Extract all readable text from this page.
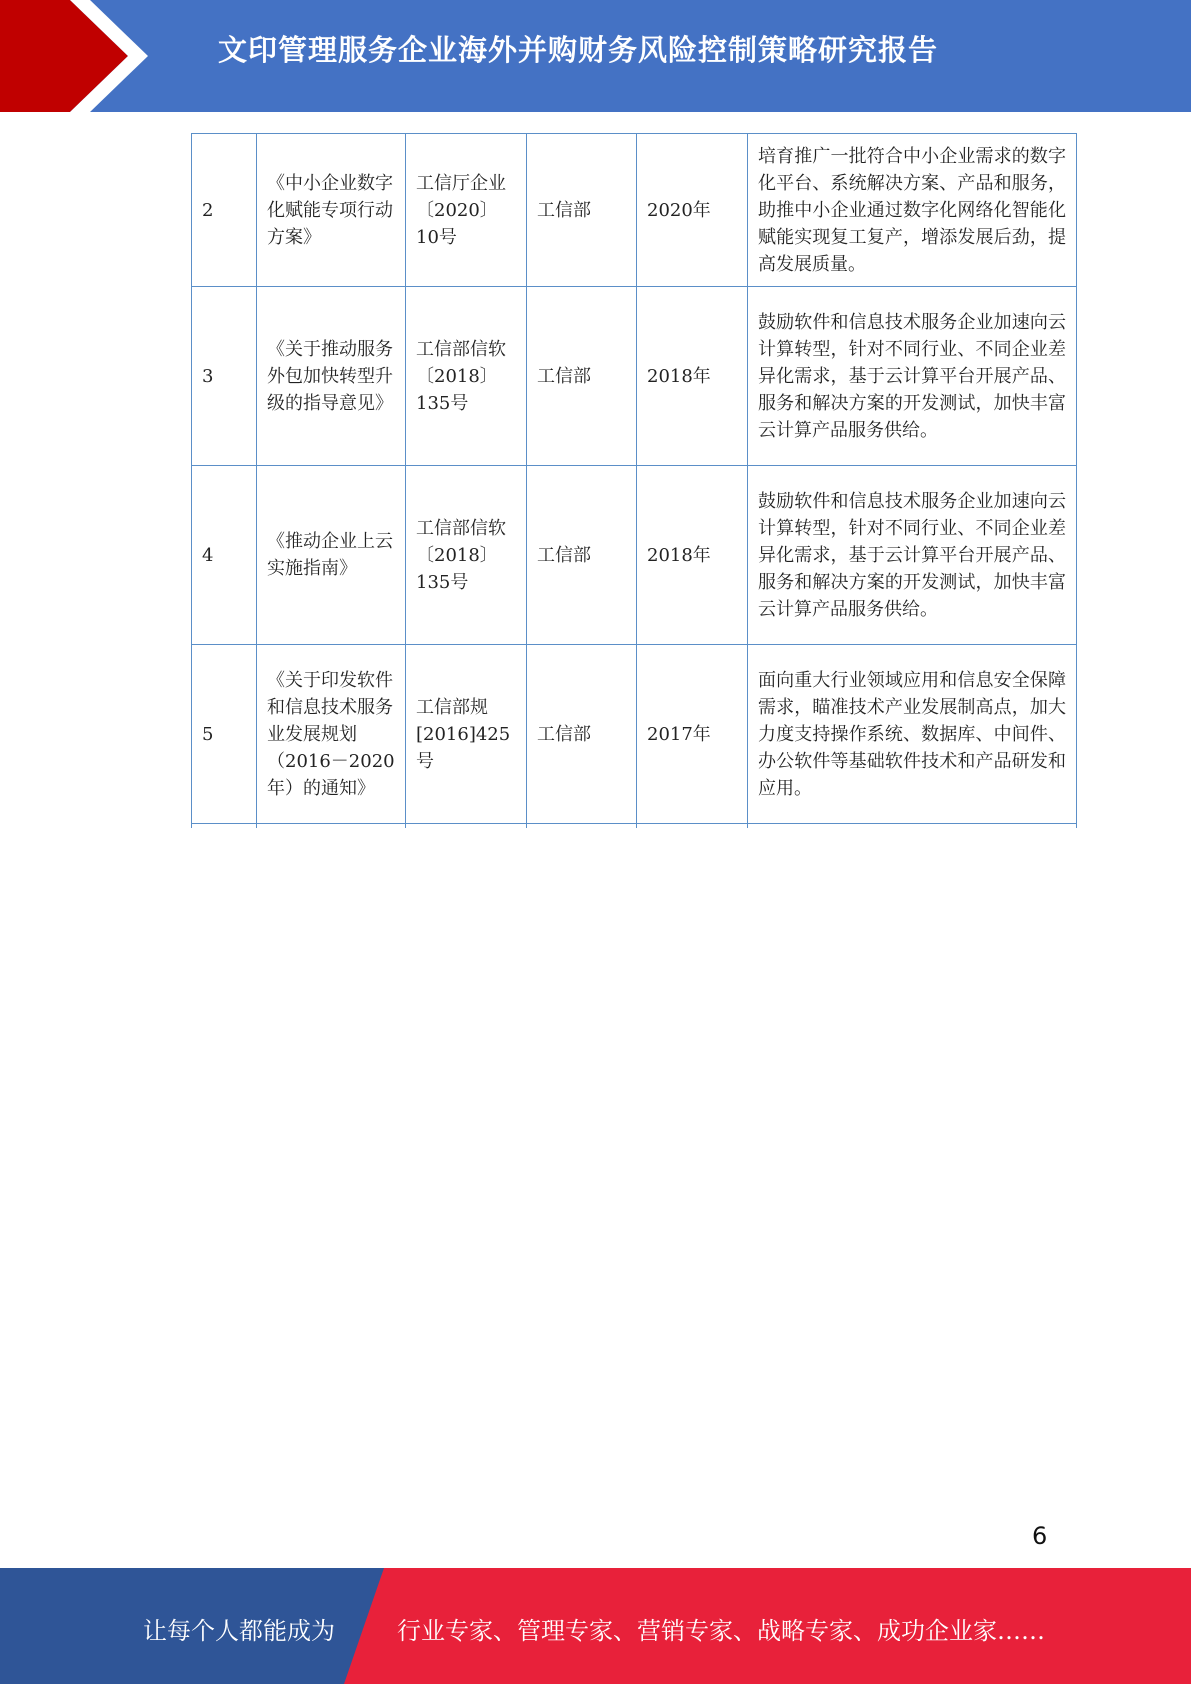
文印管理服务企业海外并购财务风险控制策略研究报告
2	《中小企业数字化赋能专项行动方案》	工信厅企业〔2020〕10号	工信部	2020年	培育推广一批符合中小企业需求的数字化平台、系统解决方案、产品和服务，助推中小企业通过数字化网络化智能化赋能实现复工复产，增添发展后劲，提高发展质量。
3	《关于推动服务外包加快转型升级的指导意见》	工信部信软〔2018〕135号	工信部	2018年	鼓励软件和信息技术服务企业加速向云计算转型，针对不同行业、不同企业差异化需求，基于云计算平台开展产品、服务和解决方案的开发测试，加快丰富云计算产品服务供给。
4	《推动企业上云实施指南》	工信部信软〔2018〕135号	工信部	2018年	鼓励软件和信息技术服务企业加速向云计算转型，针对不同行业、不同企业差异化需求，基于云计算平台开展产品、服务和解决方案的开发测试，加快丰富云计算产品服务供给。
5	《关于印发软件和信息技术服务业发展规划（2016－2020年）的通知》	工信部规[2016]425号	工信部	2017年	面向重大行业领域应用和信息安全保障需求，瞄准技术产业发展制高点，加大力度支持操作系统、数据库、中间件、办公软件等基础软件技术和产品研发和应用。

6
让每个人都能成为	行业专家、管理专家、营销专家、战略专家、成功企业家……
